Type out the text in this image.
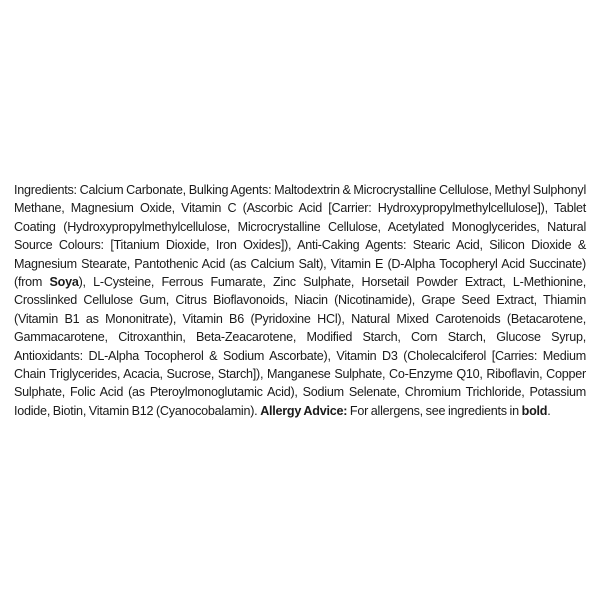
Ingredients: Calcium Carbonate, Bulking Agents: Maltodextrin & Microcrystalline Cellulose, Methyl Sulphonyl Methane, Magnesium Oxide, Vitamin C (Ascorbic Acid [Carrier: Hydroxypropylmethylcellulose]), Tablet Coating (Hydroxypropylmethylcellulose, Microcrystalline Cellulose, Acetylated Monoglycerides, Natural Source Colours: [Titanium Dioxide, Iron Oxides]), Anti-Caking Agents: Stearic Acid, Silicon Dioxide & Magnesium Stearate, Pantothenic Acid (as Calcium Salt), Vitamin E (D-Alpha Tocopheryl Acid Succinate) (from Soya), L-Cysteine, Ferrous Fumarate, Zinc Sulphate, Horsetail Powder Extract, L-Methionine, Crosslinked Cellulose Gum, Citrus Bioflavonoids, Niacin (Nicotinamide), Grape Seed Extract, Thiamin (Vitamin B1 as Mononitrate), Vitamin B6 (Pyridoxine HCl), Natural Mixed Carotenoids (Betacarotene, Gammacarotene, Citroxanthin, Beta-Zeacarotene, Modified Starch, Corn Starch, Glucose Syrup, Antioxidants: DL-Alpha Tocopherol & Sodium Ascorbate), Vitamin D3 (Cholecalciferol [Carries: Medium Chain Triglycerides, Acacia, Sucrose, Starch]), Manganese Sulphate, Co-Enzyme Q10, Riboflavin, Copper Sulphate, Folic Acid (as Pteroylmonoglutamic Acid), Sodium Selenate, Chromium Trichloride, Potassium Iodide, Biotin, Vitamin B12 (Cyanocobalamin). Allergy Advice: For allergens, see ingredients in bold.
